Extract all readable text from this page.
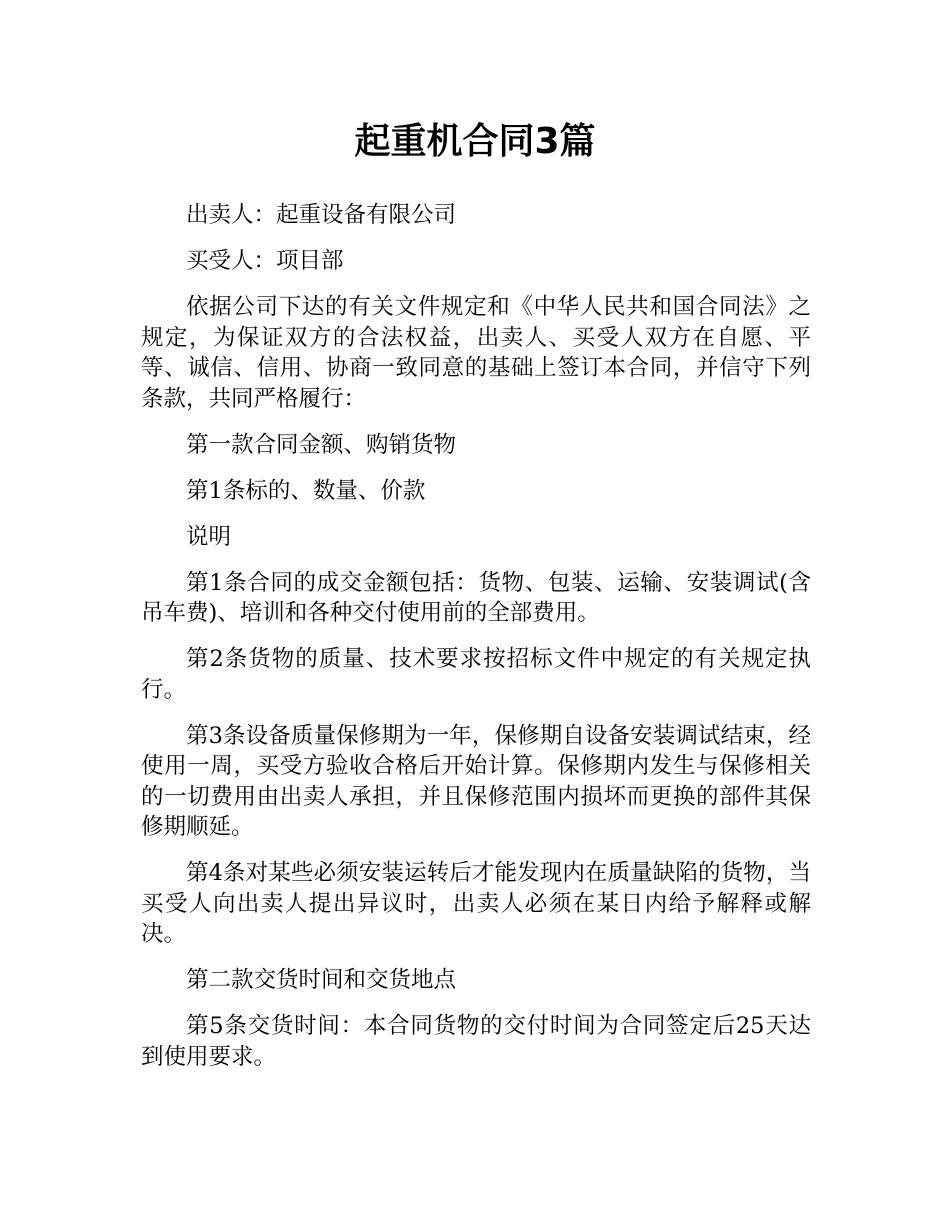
起重机合同3篇

出卖人：起重设备有限公司

买受人：项目部

依据公司下达的有关文件规定和《中华人民共和国合同法》之规定，为保证双方的合法权益，出卖人、买受人双方在自愿、平等、诚信、信用、协商一致同意的基础上签订本合同，并信守下列条款，共同严格履行：

第一款合同金额、购销货物

第1条标的、数量、价款

说明

第1条合同的成交金额包括：货物、包装、运输、安装调试(含吊车费)、培训和各种交付使用前的全部费用。

第2条货物的质量、技术要求按招标文件中规定的有关规定执行。

第3条设备质量保修期为一年，保修期自设备安装调试结束，经使用一周，买受方验收合格后开始计算。保修期内发生与保修相关的一切费用由出卖人承担，并且保修范围内损坏而更换的部件其保修期顺延。

第4条对某些必须安装运转后才能发现内在质量缺陷的货物，当买受人向出卖人提出异议时，出卖人必须在某日内给予解释或解决。

第二款交货时间和交货地点

第5条交货时间：本合同货物的交付时间为合同签定后25天达到使用要求。
